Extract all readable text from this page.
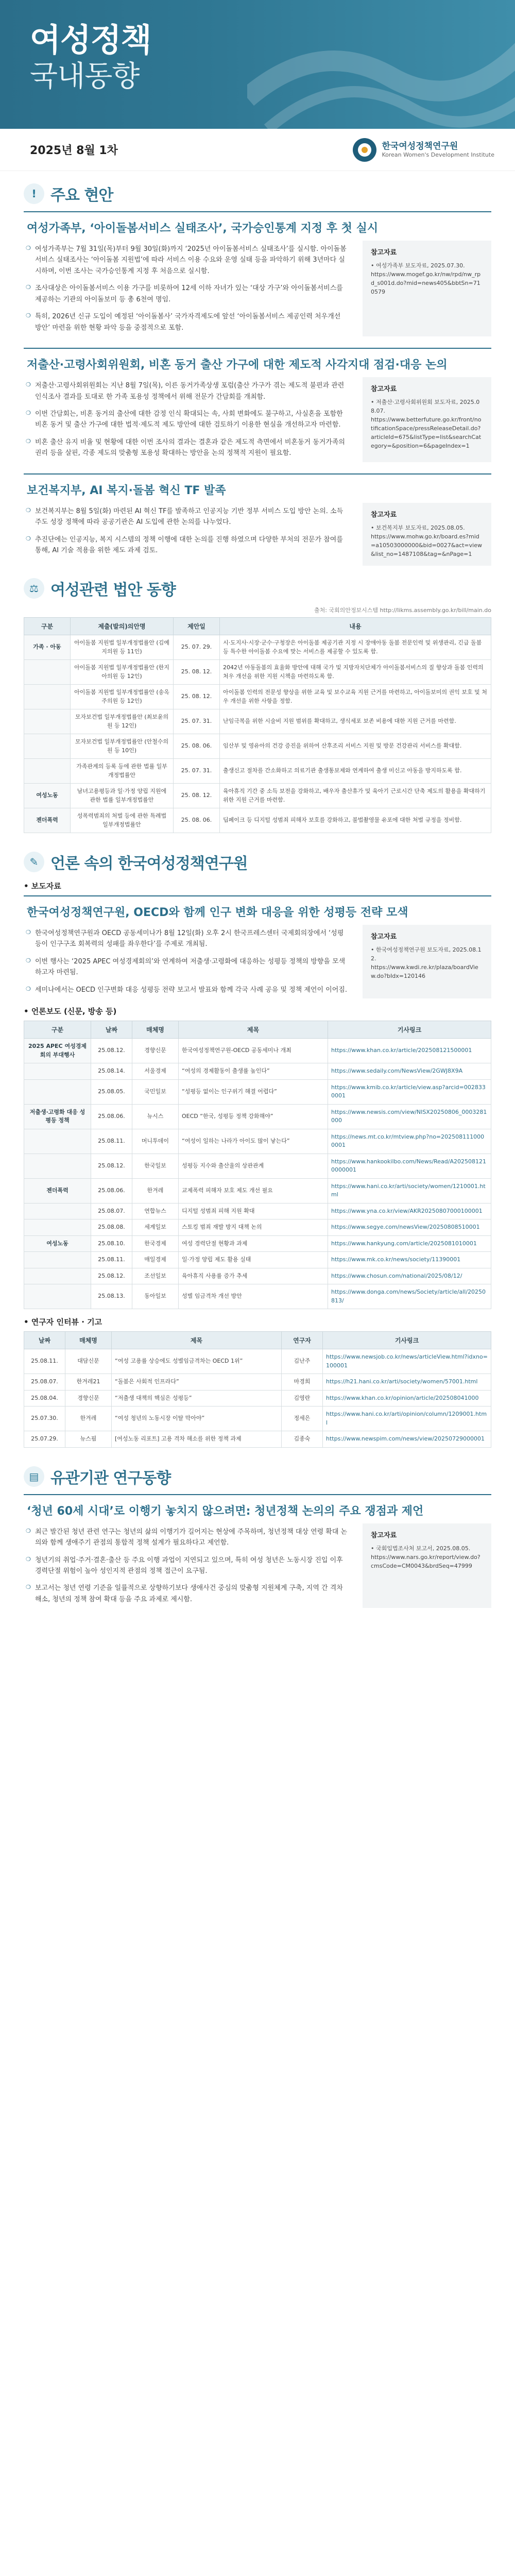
여성정책
국내동향
2025년 8월 1차	한국여성정책연구원
Korean Women's Development Institute
! 주요 현안
여성가족부, ‘아이돌봄서비스 실태조사’, 국가승인통계 지정 후 첫 실시
❍ 여성가족부는 7월 31일(목)부터 9월 30일(화)까지 ‘2025년 아이돌봄서비스 실태조사’를 실시함. 아이돌봄서비스 실태조사는 ‘아이돌봄 지원법’에 따라 서비스 이용 수요와 운영 실태 등을 파악하기 위해 3년마다 실시하며, 이번 조사는 국가승인통계 지정 후 처음으로 실시함.
❍ 조사대상은 아이돌봄서비스 이용 가구를 비롯하여 12세 이하 자녀가 있는 ‘대상 가구’와 아이돌봄서비스를 제공하는 기관의 아이돌보미 등 총 6천여 명임.
❍ 특히, 2026년 신규 도입이 예정된 ‘아이돌봄사’ 국가자격제도에 앞선 ‘아이돌봄서비스 제공인력 처우개선 방안’ 마련을 위한 현황 파악 등을 중점적으로 포함.
참고자료
• 여성가족부 보도자료, 2025.07.30.
https://www.mogef.go.kr/nw/rpd/nw_rpd_s001d.do?mid=news405&bbtSn=710579
저출산·고령사회위원회, 비혼 동거 출산 가구에 대한 제도적 사각지대 점검·대응 논의
❍ 저출산·고령사회위원회는 지난 8월 7일(목), 이른 동거가족상생 포럼(출산 가구가 겪는 제도적 불편과 관련 인식조사 결과를 토대로 한 가족 포용성 정책에서 위해 전문가 간담회를 개최함.
❍ 이번 간담회는, 비혼 동거의 출산에 대한 감정 인식 확대되는 속, 사회 변화에도 불구하고, 사실혼을 포함한 비혼 동거 및 출산 가구에 대한 법적·제도적 제도 방안에 대한 검토하기 이용한 현실을 개선하고자 마련함.
❍ 비혼 출산 유지 비율 및 현황에 대한 이번 조사의 결과는 결혼과 같은 제도적 측면에서 비혼동거 동거가족의 권리 등을 살핀, 각종 제도의 맞춤형 포용성 확대하는 방안을 논의 정책적 지원이 필요함.
참고자료
• 저출산·고령사회위원회 보도자료, 2025.08.07.
https://www.betterfuture.go.kr/front/notificationSpace/pressReleaseDetail.do?articleId=675&listType=list&searchCategory=&position=6&pageIndex=1
보건복지부, AI 복지·돌봄 혁신 TF 발족
❍ 보건복지부는 8월 5일(화) 마련된 AI 혁신 TF를 발족하고 인공지능 기반 정부 서비스 도입 방안 논의. 소득 주도 성장 정책에 따라 공공기관은 AI 도입에 관한 논의를 나누었다.
❍ 추진단에는 인공지능, 복지 시스템의 정책 이행에 대한 논의를 진행 하였으며 다양한 부처의 전문가 참여를 통해, AI 기술 적용을 위한 제도 과제 검토.
참고자료
• 보건복지부 보도자료, 2025.08.05.
https://www.mohw.go.kr/board.es?mid=a10503000000&bid=0027&act=view&list_no=1487108&tag=&nPage=1
⚖ 여성관련 법안 동향
출처: 국회의안정보시스템 http://likms.assembly.go.kr/bill/main.do
구분	제출(발의)의안명	제안일	내용
가족 · 아동	아이돌봄 지원법 일부개정법률안 (김예지의원 등 11인)	25. 07. 29.	시·도지사·시장·군수·구청장은 아이돌봄 제공기관 지정 시 장애아동 돌봄 전문인력 및 위생관리, 긴급 돌봄 등 특수한 아이돌봄 수요에 맞는 서비스를 제공할 수 있도록 함.
	아이돌봄 지원법 일부개정법률안 (한지아의원 등 12인)	25. 08. 12.	2042년 아동돌봄의 효율화 방안에 대해 국가 및 지방자치단체가 아이돌봄서비스의 질 향상과 돌봄 인력의 처우 개선을 위한 지원 시책을 마련하도록 함.
	아이돌봄 지원법 일부개정법률안 (송옥주의원 등 12인)	25. 08. 12.	아이돌봄 인력의 전문성 향상을 위한 교육 및 보수교육 지원 근거를 마련하고, 아이돌보미의 권익 보호 및 처우 개선을 위한 사항을 정함.
	모자보건법 일부개정법률안 (최보윤의원 등 12인)	25. 07. 31.	난임극복을 위한 시술비 지원 범위를 확대하고, 생식세포 보존 비용에 대한 지원 근거를 마련함.
	모자보건법 일부개정법률안 (안철수의원 등 10인)	25. 08. 06.	임산부 및 영유아의 건강 증진을 위하여 산후조리 서비스 지원 및 방문 건강관리 서비스를 확대함.
	가족관계의 등록 등에 관한 법률 일부개정법률안	25. 07. 31.	출생신고 절차를 간소화하고 의료기관 출생통보제와 연계하여 출생 미신고 아동을 방지하도록 함.
여성노동	남녀고용평등과 일·가정 양립 지원에 관한 법률 일부개정법률안	25. 08. 12.	육아휴직 기간 중 소득 보전을 강화하고, 배우자 출산휴가 및 육아기 근로시간 단축 제도의 활용을 확대하기 위한 지원 근거를 마련함.
젠더폭력	성폭력범죄의 처벌 등에 관한 특례법 일부개정법률안	25. 08. 06.	딥페이크 등 디지털 성범죄 피해자 보호를 강화하고, 불법촬영물 유포에 대한 처벌 규정을 정비함.
✎ 언론 속의 한국여성정책연구원
• 보도자료
한국여성정책연구원, OECD와 함께 인구 변화 대응을 위한 성평등 전략 모색
❍ 한국여성정책연구원과 OECD 공동세미나가 8월 12일(화) 오후 2시 한국프레스센터 국제회의장에서 ‘성평등이 인구구조 회복력의 성패를 좌우한다’를 주제로 개최됨.
❍ 이번 행사는 ‘2025 APEC 여성경제회의’와 연계하여 저출생·고령화에 대응하는 성평등 정책의 방향을 모색하고자 마련됨.
❍ 세미나에서는 OECD 인구변화 대응 성평등 전략 보고서 발표와 함께 각국 사례 공유 및 정책 제언이 이어짐.
참고자료
• 한국여성정책연구원 보도자료, 2025.08.12.
https://www.kwdi.re.kr/plaza/boardView.do?bIdx=120146
• 언론보도 (신문, 방송 등)
구분	날짜	매체명	제목	기사링크
2025 APEC 여성경제회의 부대행사	25.08.12.	경향신문	한국여성정책연구원-OECD 공동세미나 개최	https://www.khan.co.kr/article/202508121500001
	25.08.14.	서울경제	“여성의 경제활동이 출생률 높인다”	https://www.sedaily.com/NewsView/2GWJ8X9A
	25.08.05.	국민일보	“성평등 없이는 인구위기 해결 어렵다”	https://www.kmib.co.kr/article/view.asp?arcid=0028330001
저출생·고령화 대응 성평등 정책	25.08.06.	뉴시스	OECD “한국, 성평등 정책 강화해야”	https://www.newsis.com/view/NISX20250806_0003281000
	25.08.11.	머니투데이	“여성이 일하는 나라가 아이도 많이 낳는다”	https://news.mt.co.kr/mtview.php?no=2025081110000001
	25.08.12.	한국일보	성평등 지수와 출산율의 상관관계	https://www.hankookilbo.com/News/Read/A2025081210000001
젠더폭력	25.08.06.	한겨레	교제폭력 피해자 보호 제도 개선 필요	https://www.hani.co.kr/arti/society/women/1210001.html
	25.08.07.	연합뉴스	디지털 성범죄 피해 지원 확대	https://www.yna.co.kr/view/AKR20250807000100001
	25.08.08.	세계일보	스토킹 범죄 재발 방지 대책 논의	https://www.segye.com/newsView/20250808510001
여성노동	25.08.10.	한국경제	여성 경력단절 현황과 과제	https://www.hankyung.com/article/2025081010001
	25.08.11.	매일경제	일·가정 양립 제도 활용 실태	https://www.mk.co.kr/news/society/11390001
	25.08.12.	조선일보	육아휴직 사용률 증가 추세	https://www.chosun.com/national/2025/08/12/
	25.08.13.	동아일보	성별 임금격차 개선 방안	https://www.donga.com/news/Society/article/all/20250813/
• 연구자 인터뷰 · 기고
날짜	매체명	제목	연구자	기사링크
25.08.11.	대담신문	“여성 고용률 상승에도 성별임금격차는 OECD 1위”	김난주	https://www.newsjob.co.kr/news/articleView.html?idxno=100001
25.08.07.	한겨레21	“돌봄은 사회적 인프라다”	마경희	https://h21.hani.co.kr/arti/society/women/57001.html
25.08.04.	경향신문	“저출생 대책의 핵심은 성평등”	김영란	https://www.khan.co.kr/opinion/article/202508041000
25.07.30.	한겨레	“여성 청년의 노동시장 이탈 막아야”	정세은	https://www.hani.co.kr/arti/opinion/column/1209001.html
25.07.29.	뉴스핌	[여성노동 리포트] 고용 격차 해소를 위한 정책 과제	김종숙	https://www.newspim.com/news/view/20250729000001
▤ 유관기관 연구동향
‘청년 60세 시대’로 이행기 놓치지 않으려면: 청년정책 논의의 주요 쟁점과 제언
❍ 최근 발간된 청년 관련 연구는 청년의 삶의 이행기가 길어지는 현상에 주목하며, 청년정책 대상 연령 확대 논의와 함께 생애주기 관점의 통합적 정책 설계가 필요하다고 제언함.
❍ 청년기의 취업·주거·결혼·출산 등 주요 이행 과업이 지연되고 있으며, 특히 여성 청년은 노동시장 진입 이후 경력단절 위험이 높아 성인지적 관점의 정책 접근이 요구됨.
❍ 보고서는 청년 연령 기준을 일률적으로 상향하기보다 생애사건 중심의 맞춤형 지원체계 구축, 지역 간 격차 해소, 청년의 정책 참여 확대 등을 주요 과제로 제시함.
참고자료
• 국회입법조사처 보고서, 2025.08.05.
https://www.nars.go.kr/report/view.do?cmsCode=CM0043&brdSeq=47999
